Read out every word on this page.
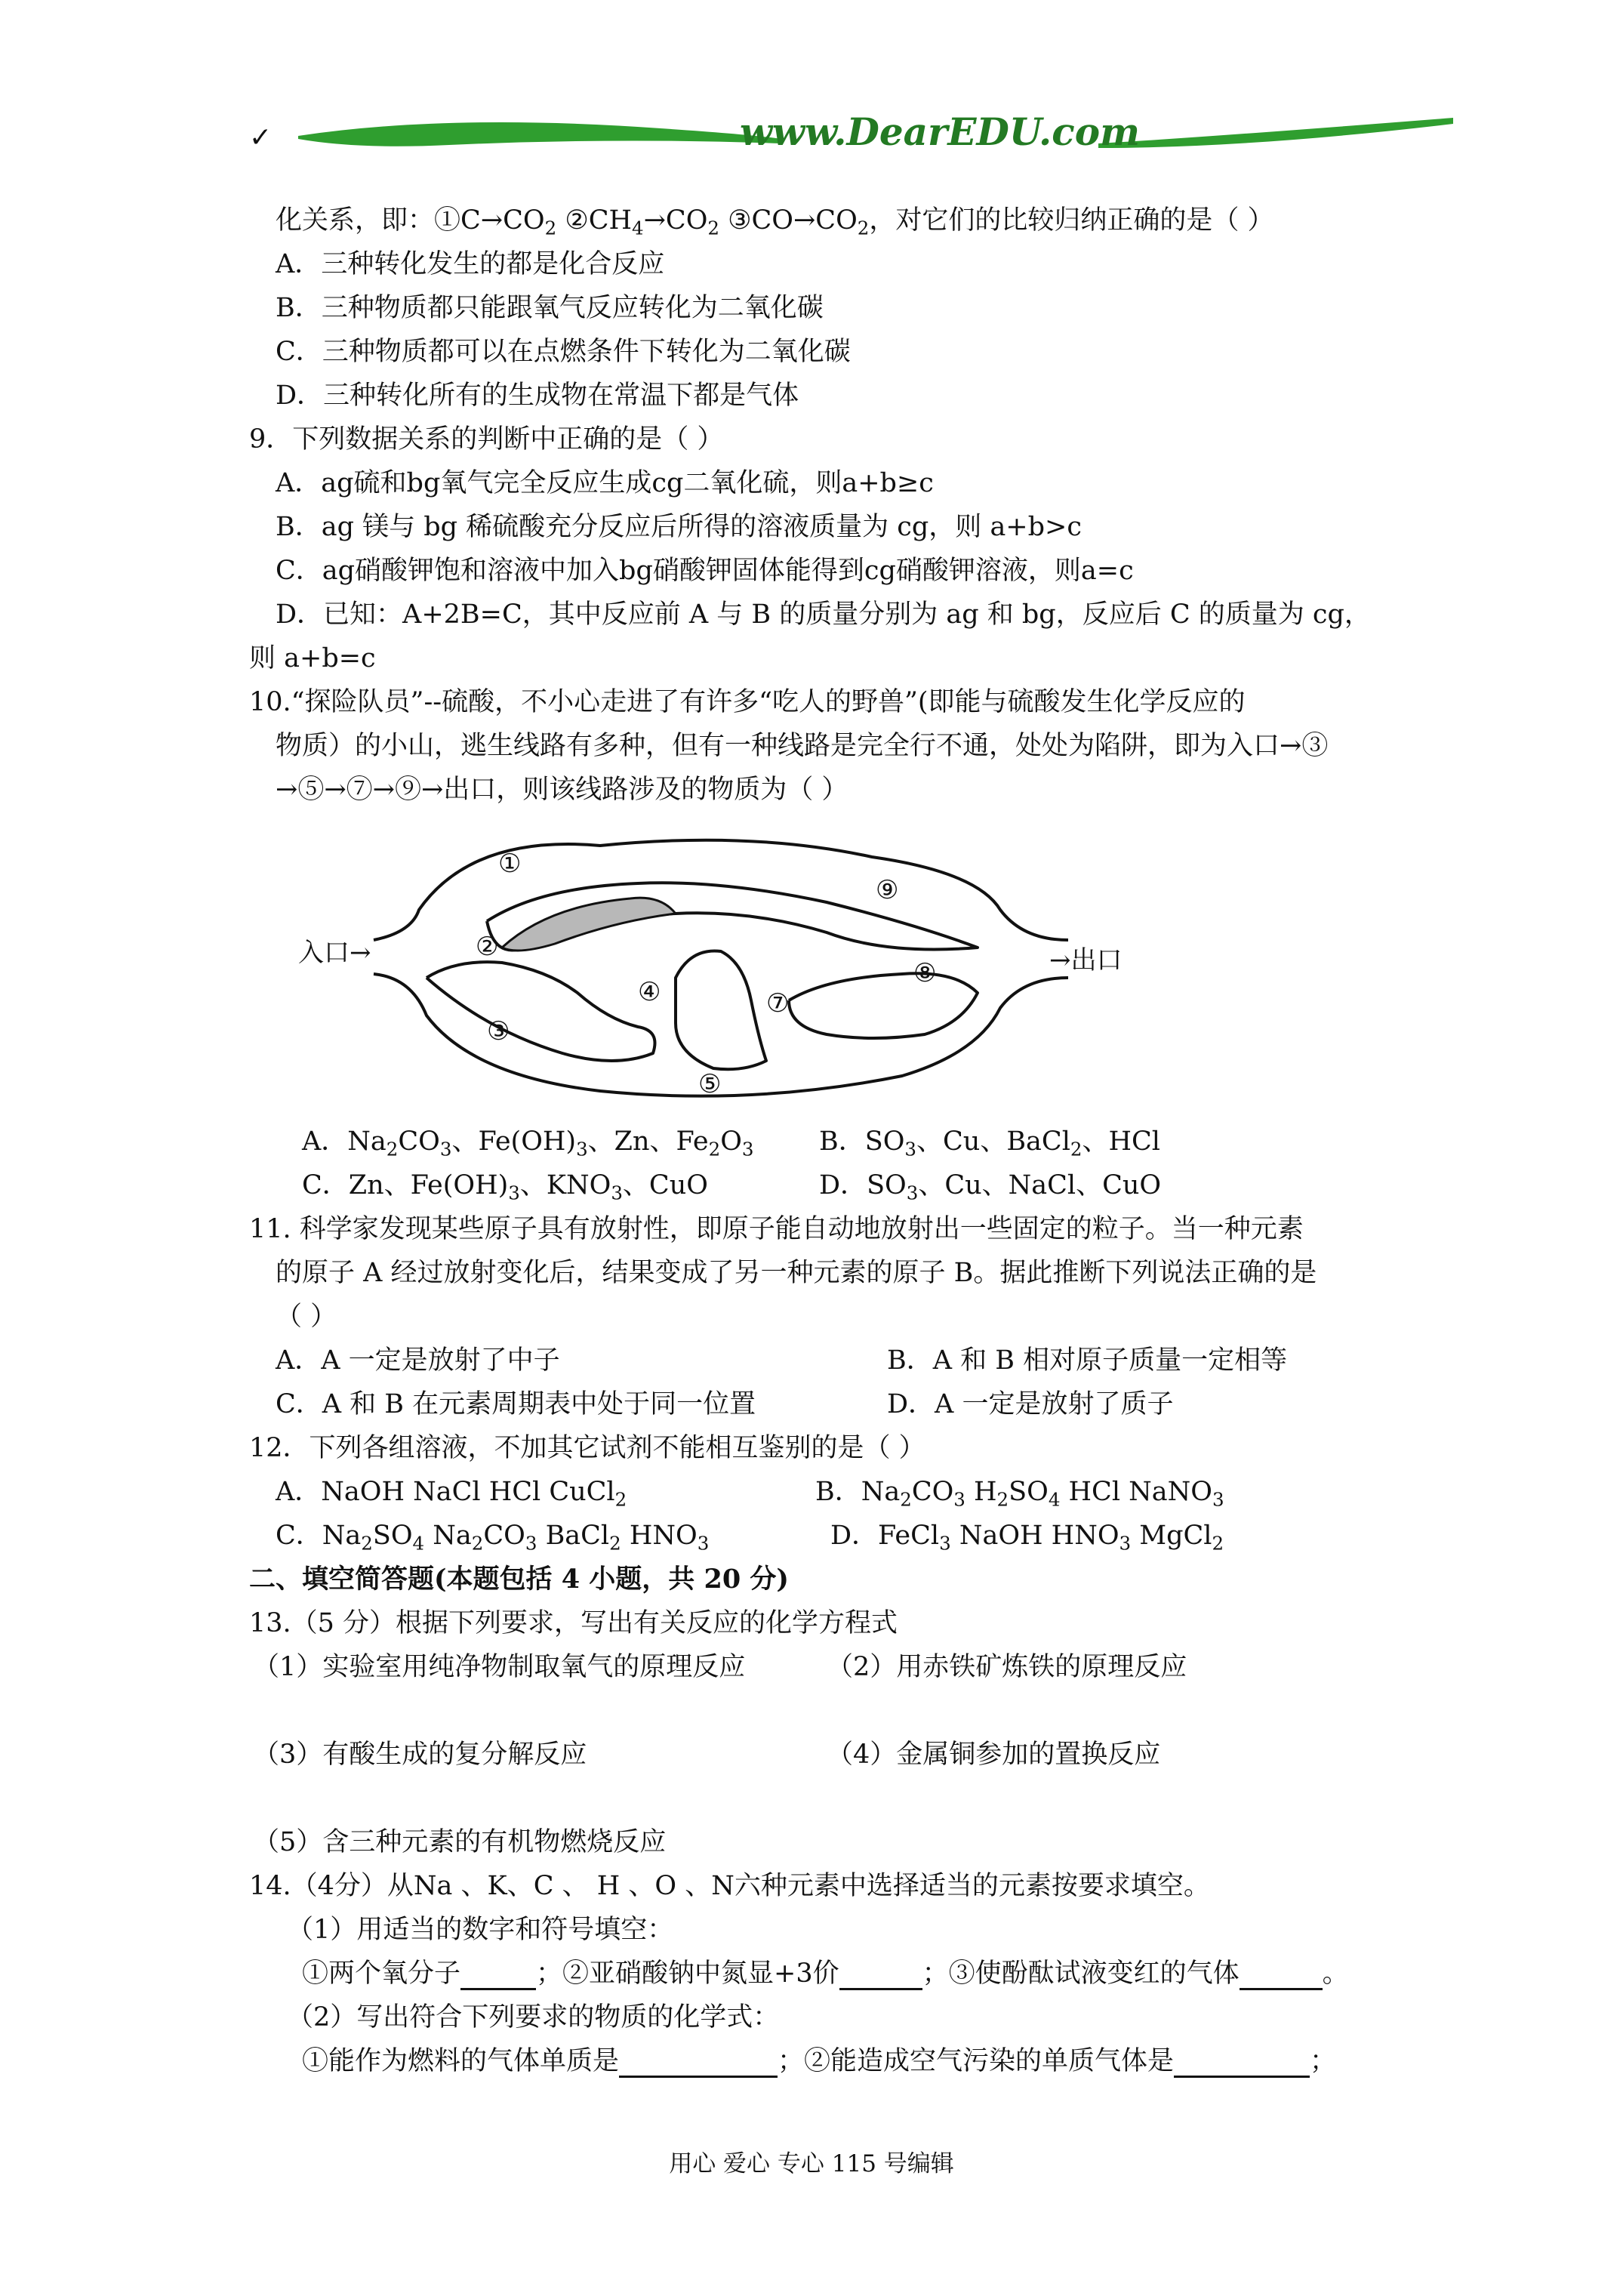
✓	www.DearEDU.com
化关系，即：$①C\to CO_2$ $②CH_4\to CO_2$ $③CO\to CO_2$，对它们的比较归纳正确的是（ ）
A．三种转化发生的都是化合反应
B．三种物质都只能跟氧气反应转化为二氧化碳
C．三种物质都可以在点燃条件下转化为二氧化碳
D．三种转化所有的生成物在常温下都是气体
9．下列数据关系的判断中正确的是（ ）
A．ag硫和bg氧气完全反应生成cg二氧化硫，则a+b≥c
B．ag 镁与 bg 稀硫酸充分反应后所得的溶液质量为 cg，则 a+b>c
C．ag硝酸钾饱和溶液中加入bg硝酸钾固体能得到cg硝酸钾溶液，则a=c
D．已知：A+2B=C，其中反应前 A 与 B 的质量分别为 ag 和 bg，反应后 C 的质量为 cg，
则 a+b=c
10.“探险队员”--硫酸，不小心走进了有许多“吃人的野兽”(即能与硫酸发生化学反应的
物质）的小山，逃生线路有多种，但有一种线路是完全行不通，处处为陷阱，即为入口→③
→⑤→⑦→⑨→出口，则该线路涉及的物质为（ ）
入口→	→出口
①
②
③
④
⑤
⑦
⑧
⑨
A．$Na_2CO_3$、$Fe(OH)_3$、Zn、$Fe_2O_3$ B．$SO_3$、Cu、BaCl$_2$、HCl
C．Zn、$Fe(OH)_3$、$KNO_3$、CuO	D．$SO_3$、Cu、NaCl、CuO
11. 科学家发现某些原子具有放射性，即原子能自动地放射出一些固定的粒子。当一种元素
的原子 A 经过放射变化后，结果变成了另一种元素的原子 B。据此推断下列说法正确的是
（ ）
A．A 一定是放射了中子	B．A 和 B 相对原子质量一定相等
C．A 和 B 在元素周期表中处于同一位置	D．A 一定是放射了质子
12．下列各组溶液，不加其它试剂不能相互鉴别的是（ ）
A．NaOH NaCl HCl CuCl$_2$	B．$Na_2CO_3$ $H_2SO_4$ HCl NaNO$_3$
C．$Na_2SO_4$ $Na_2CO_3$ BaCl$_2$ $HNO_3$	D．FeCl$_3$ NaOH $HNO_3$ MgCl$_2$
二、填空简答题(本题包括 4 小题，共 20 分)
13.（5 分）根据下列要求，写出有关反应的化学方程式
（1）实验室用纯净物制取氧气的原理反应	（2）用赤铁矿炼铁的原理反应
（3）有酸生成的复分解反应	（4）金属铜参加的置换反应
（5）含三种元素的有机物燃烧反应
14.（4分）从Na 、K、C 、 H 、O 、N六种元素中选择适当的元素按要求填空。
（1）用适当的数字和符号填空：
①两个氧分子	；②亚硝酸钠中氮显+3价	；③使酚酞试液变红的气体	。
（2）写出符合下列要求的物质的化学式：
①能作为燃料的气体单质是	；②能造成空气污染的单质气体是	；
用心 爱心 专心 115 号编辑
